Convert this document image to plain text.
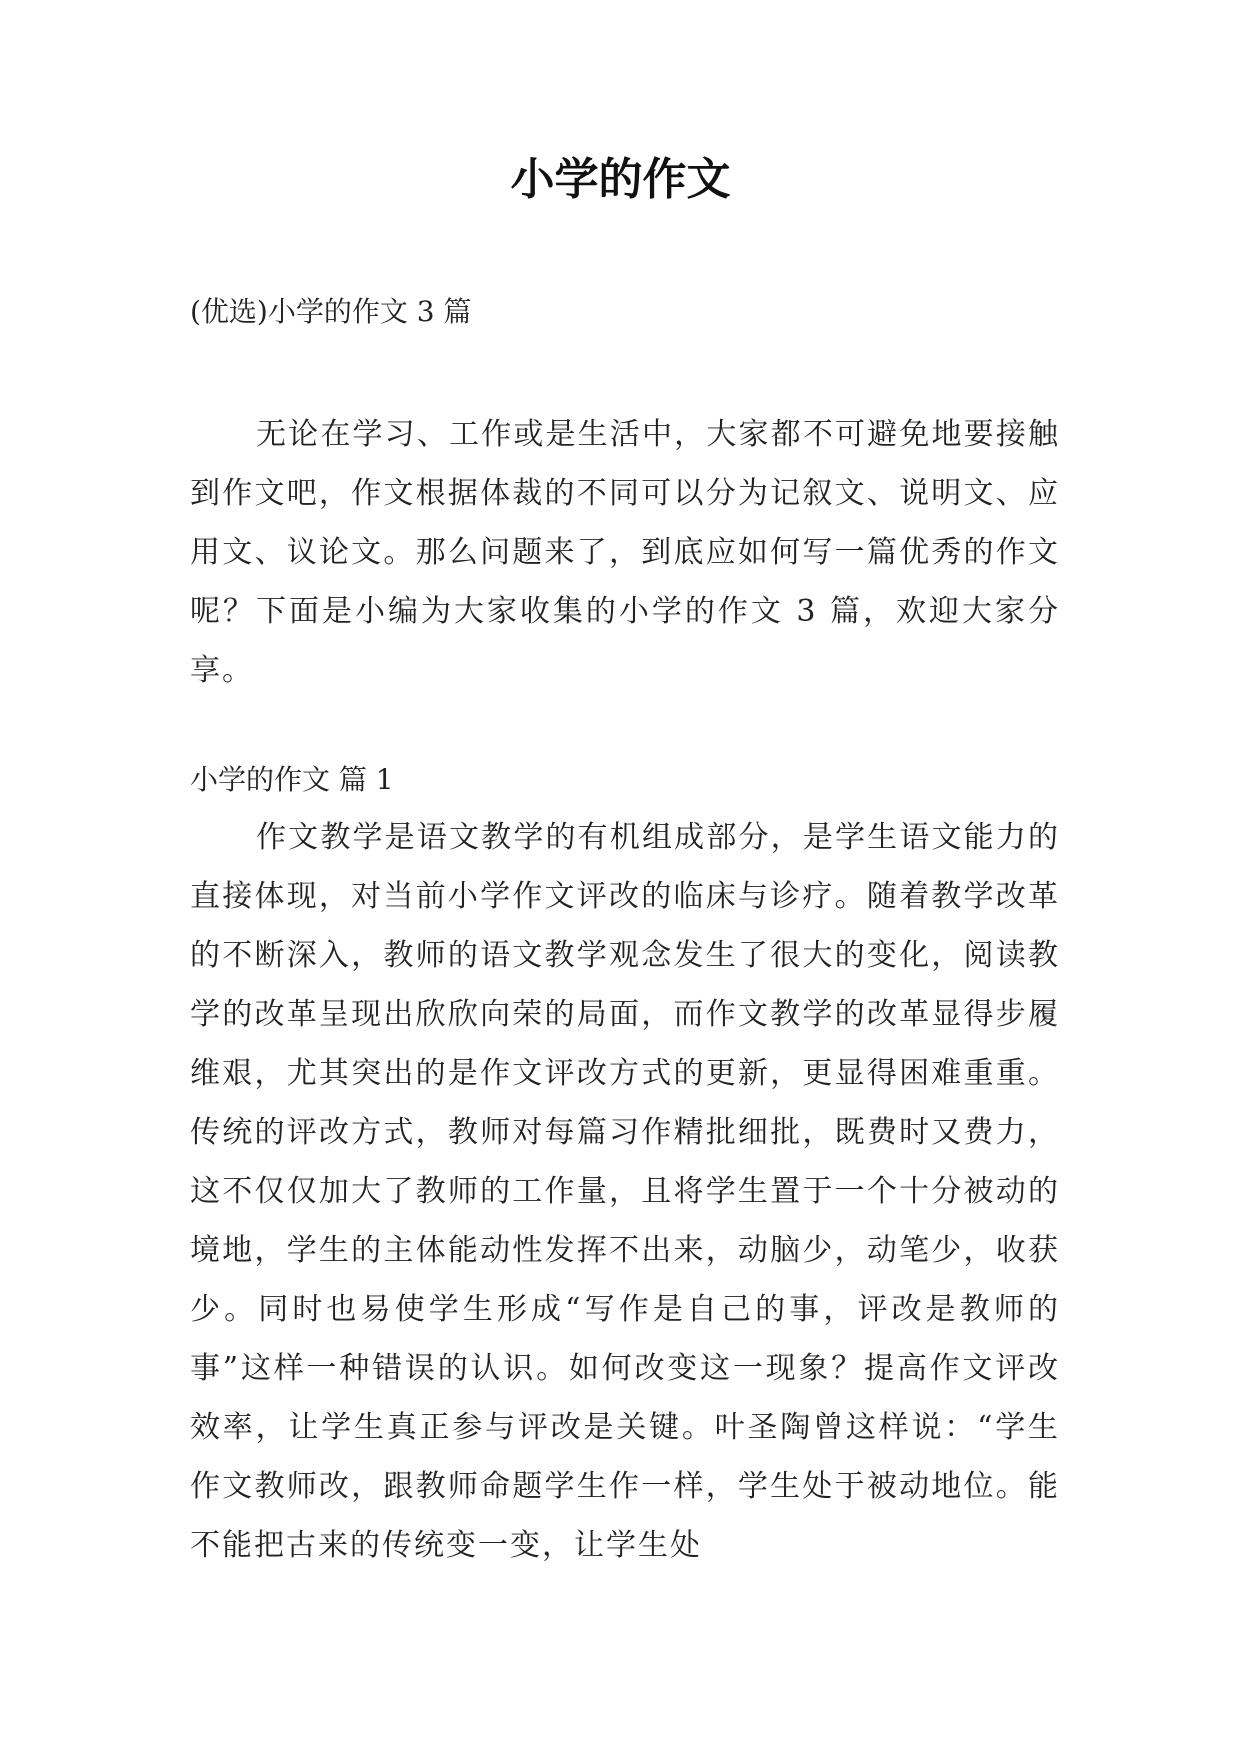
小学的作文

(优选)小学的作文 3 篇

无论在学习、工作或是生活中，大家都不可避免地要接触到作文吧，作文根据体裁的不同可以分为记叙文、说明文、应用文、议论文。那么问题来了，到底应如何写一篇优秀的作文呢？下面是小编为大家收集的小学的作文 3 篇，欢迎大家分享。

小学的作文 篇 1

作文教学是语文教学的有机组成部分，是学生语文能力的直接体现，对当前小学作文评改的临床与诊疗。随着教学改革的不断深入，教师的语文教学观念发生了很大的变化，阅读教学的改革呈现出欣欣向荣的局面，而作文教学的改革显得步履维艰，尤其突出的是作文评改方式的更新，更显得困难重重。传统的评改方式，教师对每篇习作精批细批，既费时又费力，这不仅仅加大了教师的工作量，且将学生置于一个十分被动的境地，学生的主体能动性发挥不出来，动脑少，动笔少，收获少。同时也易使学生形成“写作是自己的事，评改是教师的事”这样一种错误的认识。如何改变这一现象？提高作文评改效率，让学生真正参与评改是关键。叶圣陶曾这样说：“学生作文教师改，跟教师命题学生作一样，学生处于被动地位。能不能把古来的传统变一变，让学生处
